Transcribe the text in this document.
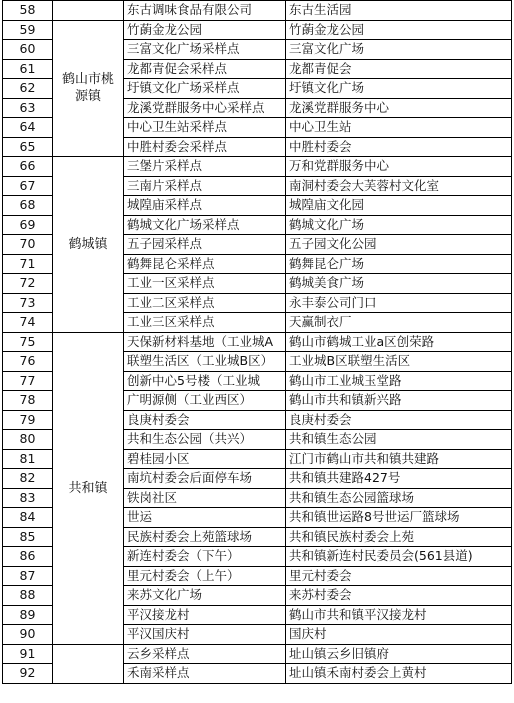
58		东古调味食品有限公司	东古生活园
59	鹤山市桃源镇	竹蓢金龙公园	竹蓢金龙公园
60		三富文化广场采样点	三富文化广场
61		龙都青促会采样点	龙都青促会
62		圩镇文化广场采样点	圩镇文化广场
63		龙溪党群服务中心采样点	龙溪党群服务中心
64		中心卫生站采样点	中心卫生站
65		中胜村委会采样点	中胜村委会
66	鹤城镇	三堡片采样点	万和党群服务中心
67		三南片采样点	南洞村委会大芙蓉村文化室
68		城隍庙采样点	城隍庙文化园
69		鹤城文化广场采样点	鹤城文化广场
70		五子园采样点	五子园文化公园
71		鹤舞昆仑采样点	鹤舞昆仑广场
72		工业一区采样点	鹤城美食广场
73		工业二区采样点	永丰泰公司门口
74		工业三区采样点	天赢制衣厂
75	共和镇	天保新材料基地（工业城A	鹤山市鹤城工业a区创荣路
76		联塑生活区（工业城B区）	工业城B区联塑生活区
77		创新中心5号楼（工业城	鹤山市工业城玉堂路
78		广明源侧（工业西区）	鹤山市共和镇新兴路
79		良庚村委会	良庚村委会
80		共和生态公园（共兴）	共和镇生态公园
81		碧桂园小区	江门市鹤山市共和镇共建路
82		南坑村委会后面停车场	共和镇共建路427号
83		铁岗社区	共和镇生态公园篮球场
84		世运	共和镇世运路8号世运厂篮球场
85		民族村委会上苑篮球场	共和镇民族村委会上苑
86		新连村委会（下午）	共和镇新连村民委员会(561县道)
87		里元村委会（上午）	里元村委会
88		来苏文化广场	来苏村委会
89		平汉接龙村	鹤山市共和镇平汉接龙村
90		平汉国庆村	国庆村
91		云乡采样点	址山镇云乡旧镇府
92		禾南采样点	址山镇禾南村委会上黄村
